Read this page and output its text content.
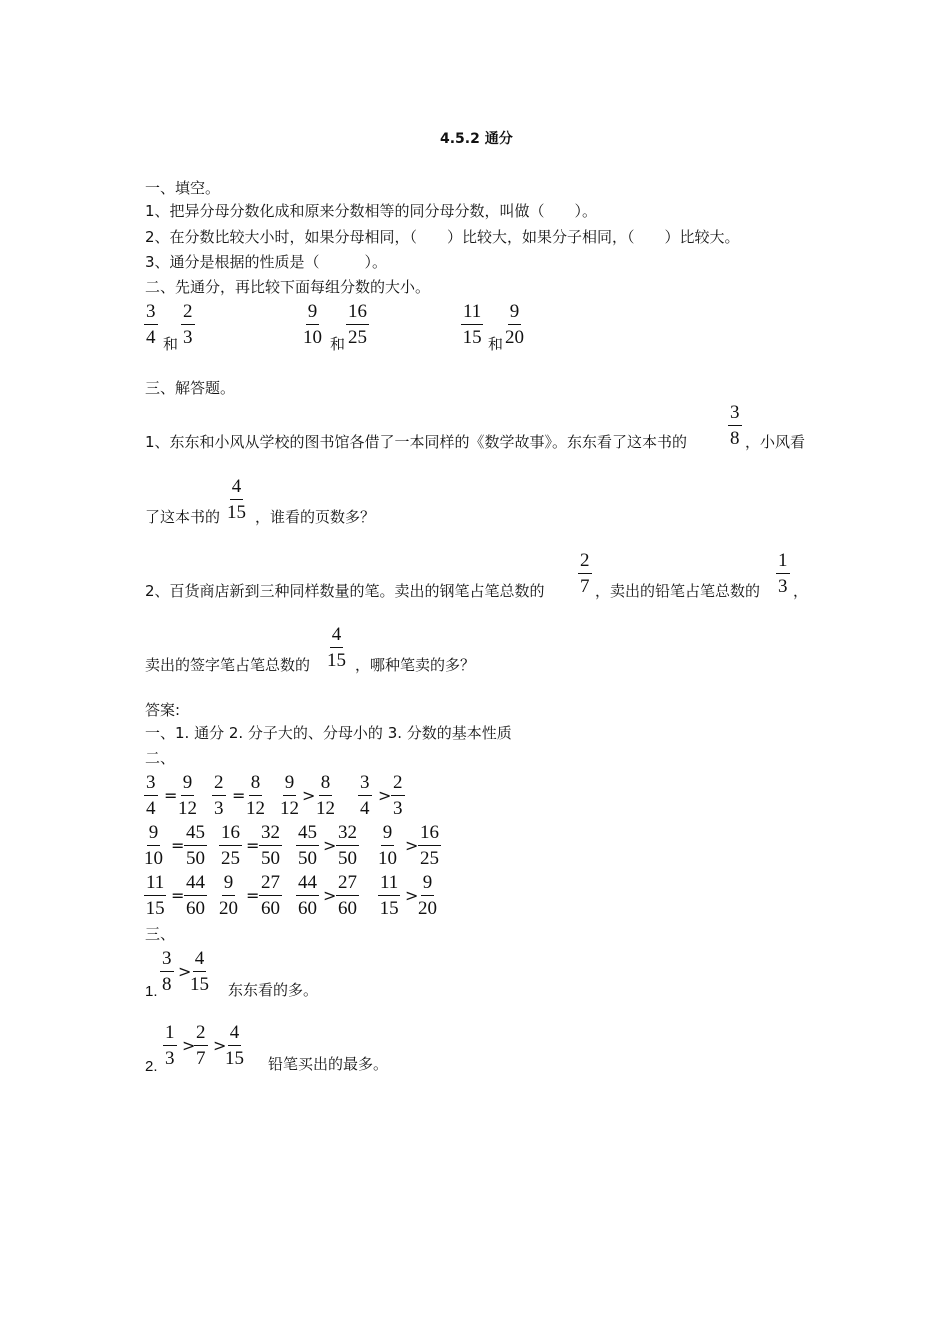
4.5.2 通分
一、填空。
1、把异分母分数化成和原来分数相等的同分母分数，叫做（　　）。
2、在分数比较大小时，如果分母相同，（　　）比较大，如果分子相同，（　　）比较大。
3、通分是根据的性质是（　　　）。
二、先通分，再比较下面每组分数的大小。
$\frac{3}{4}$ 和 $\frac{2}{3}$	$\frac{9}{10}$ 和 $\frac{16}{25}$	$\frac{11}{15}$ 和 $\frac{9}{20}$
三、解答题。
1、东东和小风从学校的图书馆各借了一本同样的《数学故事》。东东看了这本书的 $\frac{3}{8}$ ，小风看
了这本书的 $\frac{4}{15}$ ，谁看的页数多？
2、百货商店新到三种同样数量的笔。卖出的钢笔占笔总数的 $\frac{2}{7}$ ，卖出的铅笔占笔总数的 $\frac{1}{3}$ ，
卖出的签字笔占笔总数的 $\frac{4}{15}$ ，哪种笔卖的多？
答案:
一、1. 通分 2. 分子大的、分母小的 3. 分数的基本性质
二、
$\frac{3}{4} = \frac{9}{12} \frac{2}{3} = \frac{8}{12} \frac{9}{12} > \frac{8}{12} \frac{3}{4} > \frac{2}{3}$
$\frac{9}{10} = \frac{45}{50} \frac{16}{25} = \frac{32}{50} \frac{45}{50} > \frac{32}{50} \frac{9}{10} > \frac{16}{25}$
$\frac{11}{15} = \frac{44}{60} \frac{9}{20} = \frac{27}{60} \frac{44}{60} > \frac{27}{60} \frac{11}{15} > \frac{9}{20}$
三、
1. $\frac{3}{8}$ >
$\frac{4}{15}$ 东东看的多。
2. $\frac{1}{3}$ >
$\frac{2}{7}$ >
$\frac{4}{15}$ 铅笔买出的最多。
